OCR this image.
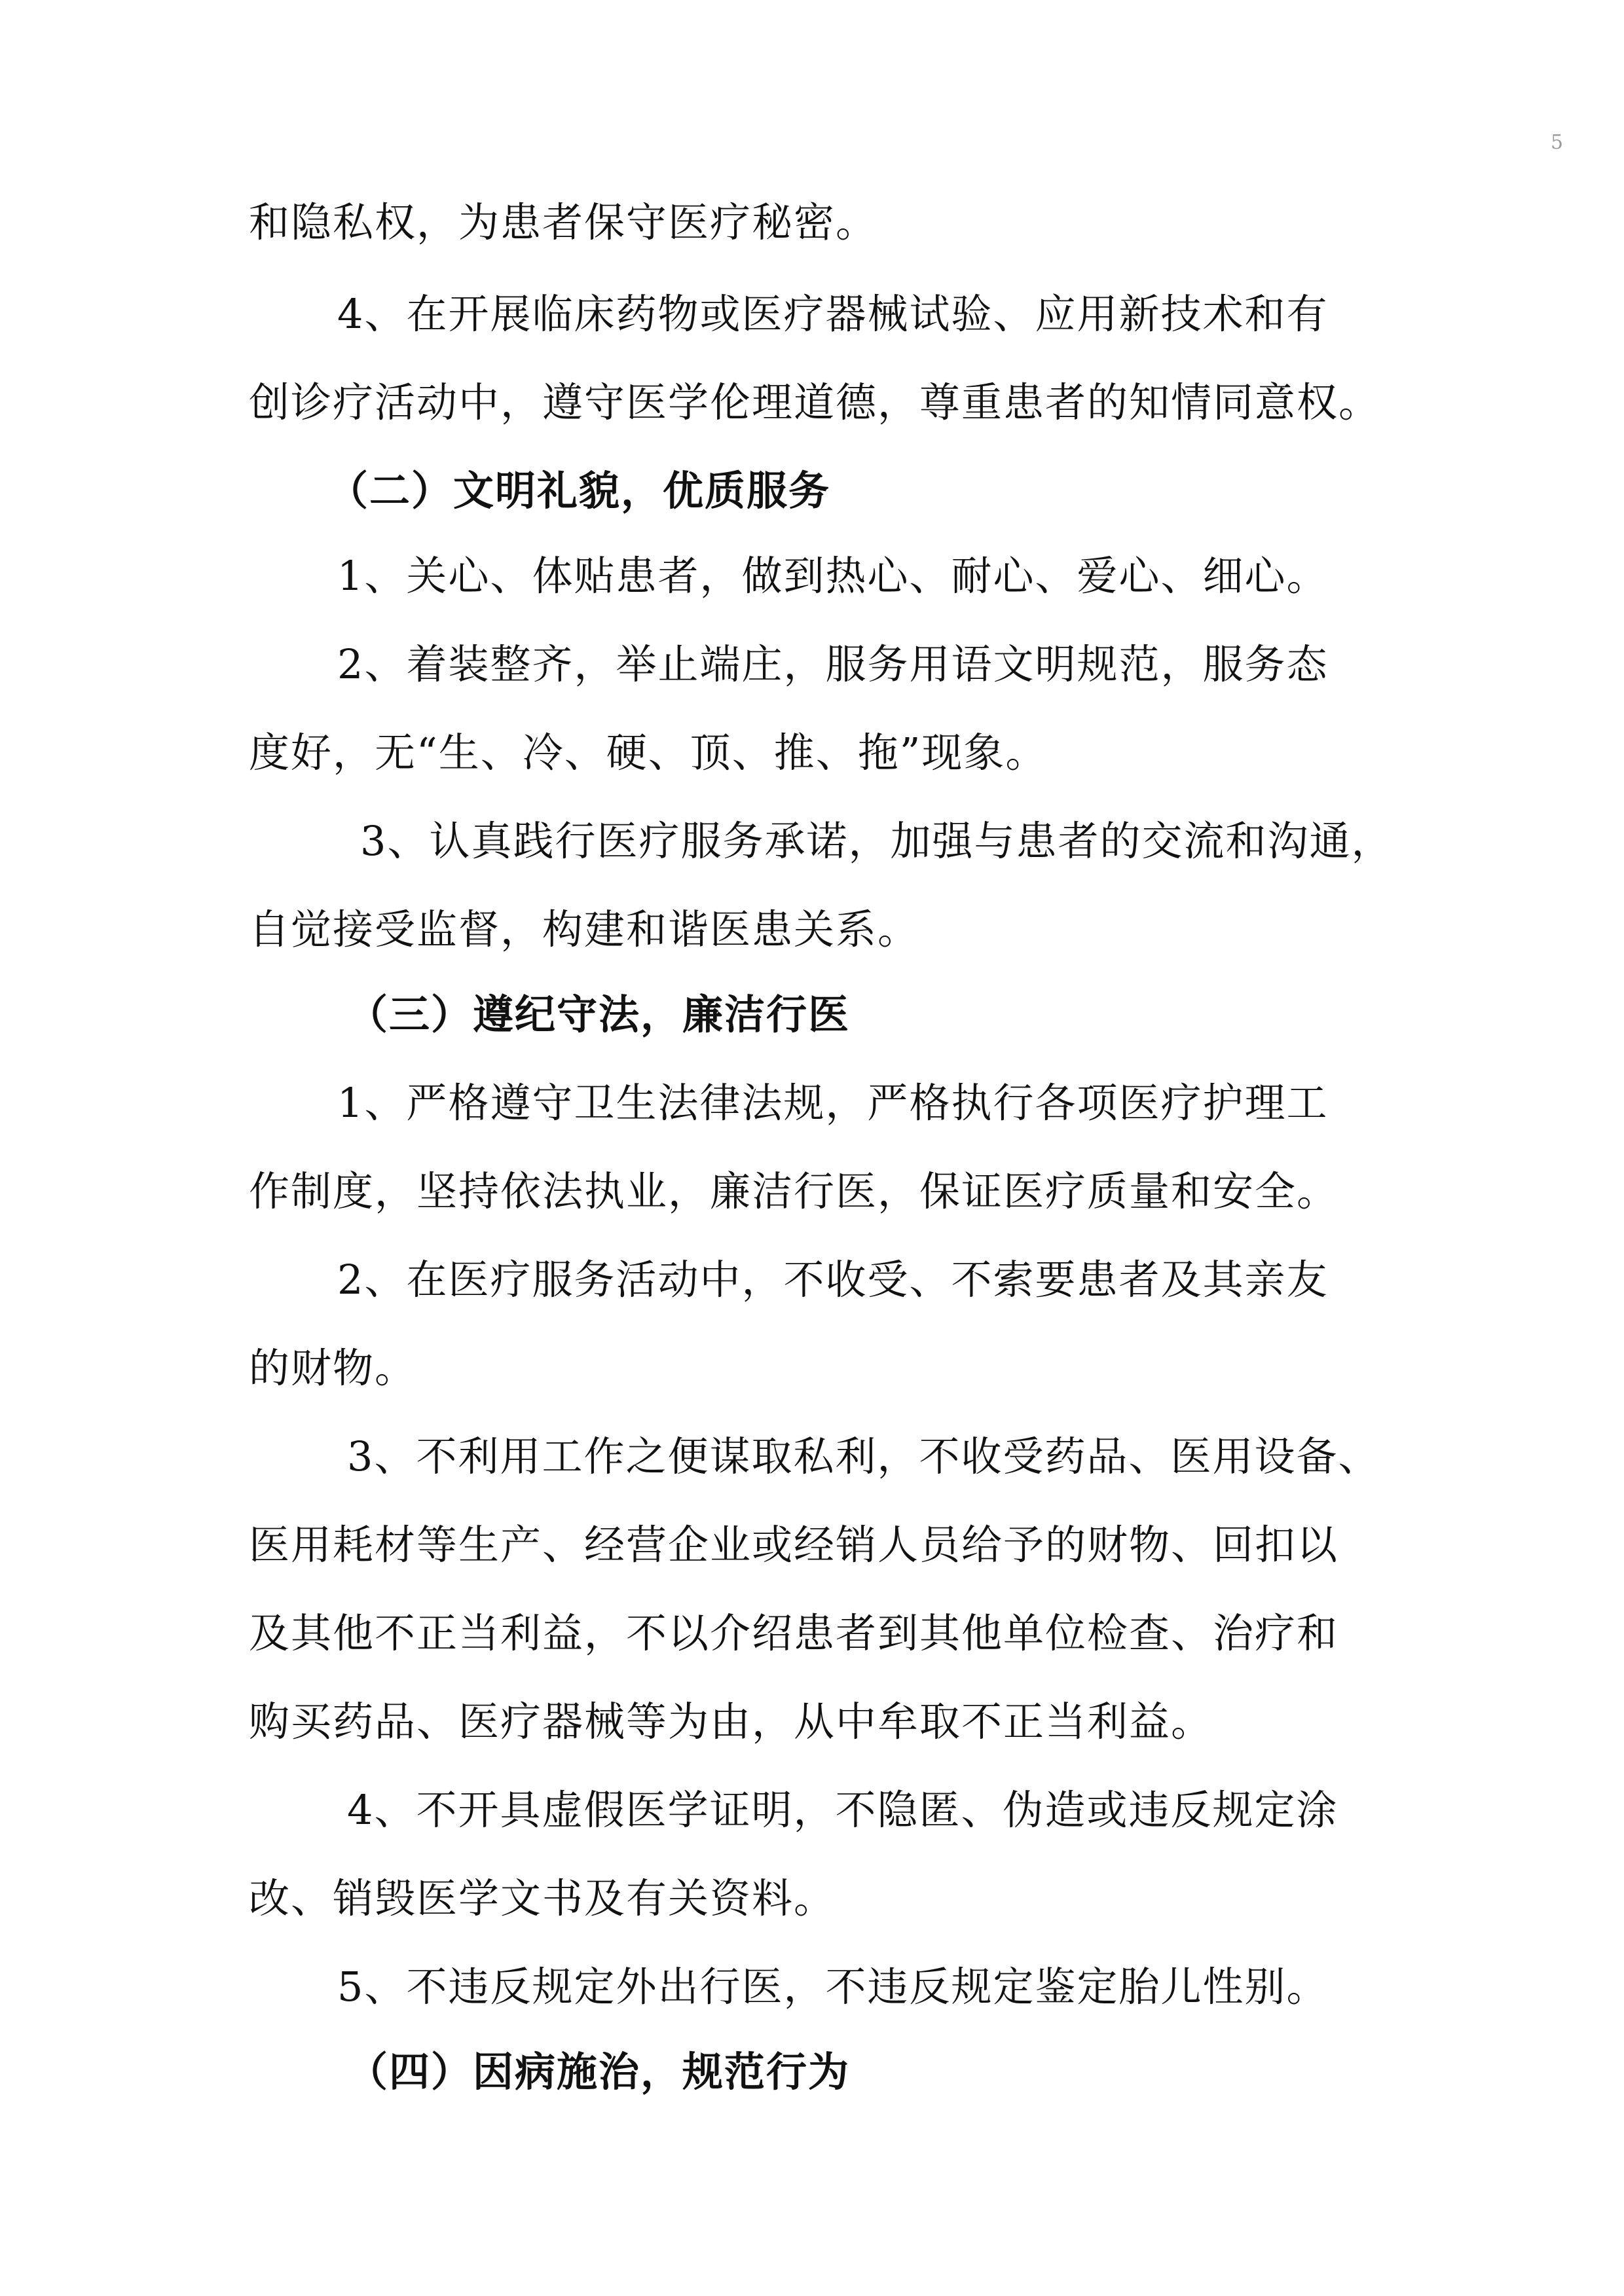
5
和隐私权，为患者保守医疗秘密。
4、在开展临床药物或医疗器械试验、应用新技术和有
创诊疗活动中，遵守医学伦理道德，尊重患者的知情同意权。
（二）文明礼貌，优质服务
1、关心、体贴患者，做到热心、耐心、爱心、细心。
2、着装整齐，举止端庄，服务用语文明规范，服务态
度好，无“生、冷、硬、顶、推、拖”现象。
3、认真践行医疗服务承诺，加强与患者的交流和沟通，
自觉接受监督，构建和谐医患关系。
（三）遵纪守法，廉洁行医
1、严格遵守卫生法律法规，严格执行各项医疗护理工
作制度，坚持依法执业，廉洁行医，保证医疗质量和安全。
2、在医疗服务活动中，不收受、不索要患者及其亲友
的财物。
3、不利用工作之便谋取私利，不收受药品、医用设备、
医用耗材等生产、经营企业或经销人员给予的财物、回扣以
及其他不正当利益，不以介绍患者到其他单位检查、治疗和
购买药品、医疗器械等为由，从中牟取不正当利益。
4、不开具虚假医学证明，不隐匿、伪造或违反规定涂
改、销毁医学文书及有关资料。
5、不违反规定外出行医，不违反规定鉴定胎儿性别。
（四）因病施治，规范行为
